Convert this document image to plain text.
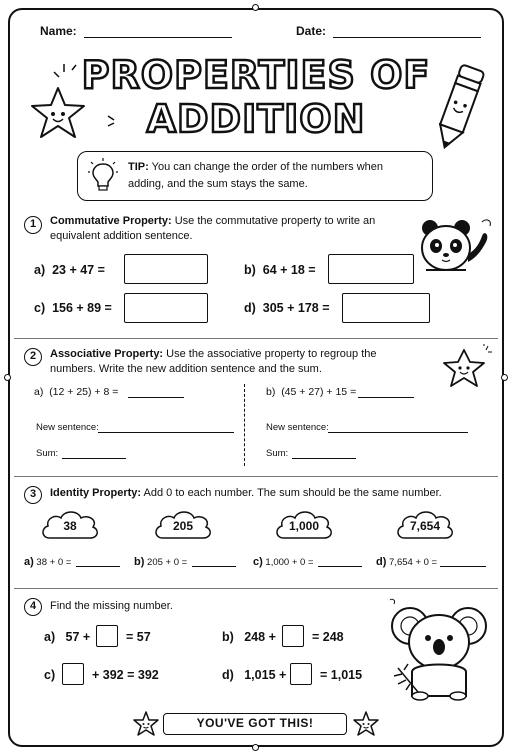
Name:	Date:
PROPERTIES OF
ADDITION
TIP: You can change the order of the numbers when adding, and the sum stays the same.
1	Commutative Property: Use the commutative property to write an equivalent addition sentence.
a) 23 + 47 =	b) 64 + 18 =
c) 156 + 89 =	d) 305 + 178 =
2	Associative Property: Use the associative property to regroup the numbers. Write the new addition sentence and the sum.
a) (12 + 25) + 8 =
New sentence:
Sum:
b) (45 + 27) + 15 =
New sentence:
Sum:
3	Identity Property: Add 0 to each number. The sum should be the same number.
38	205	1,000	7,654
a) 38 + 0 =	b) 205 + 0 =	c) 1,000 + 0 =	d) 7,654 + 0 =
4	Find the missing number.
a) 57 +	= 57	b) 248 +	= 248
c)	+ 392 = 392	d) 1,015 +	= 1,015
YOU'VE GOT THIS!
